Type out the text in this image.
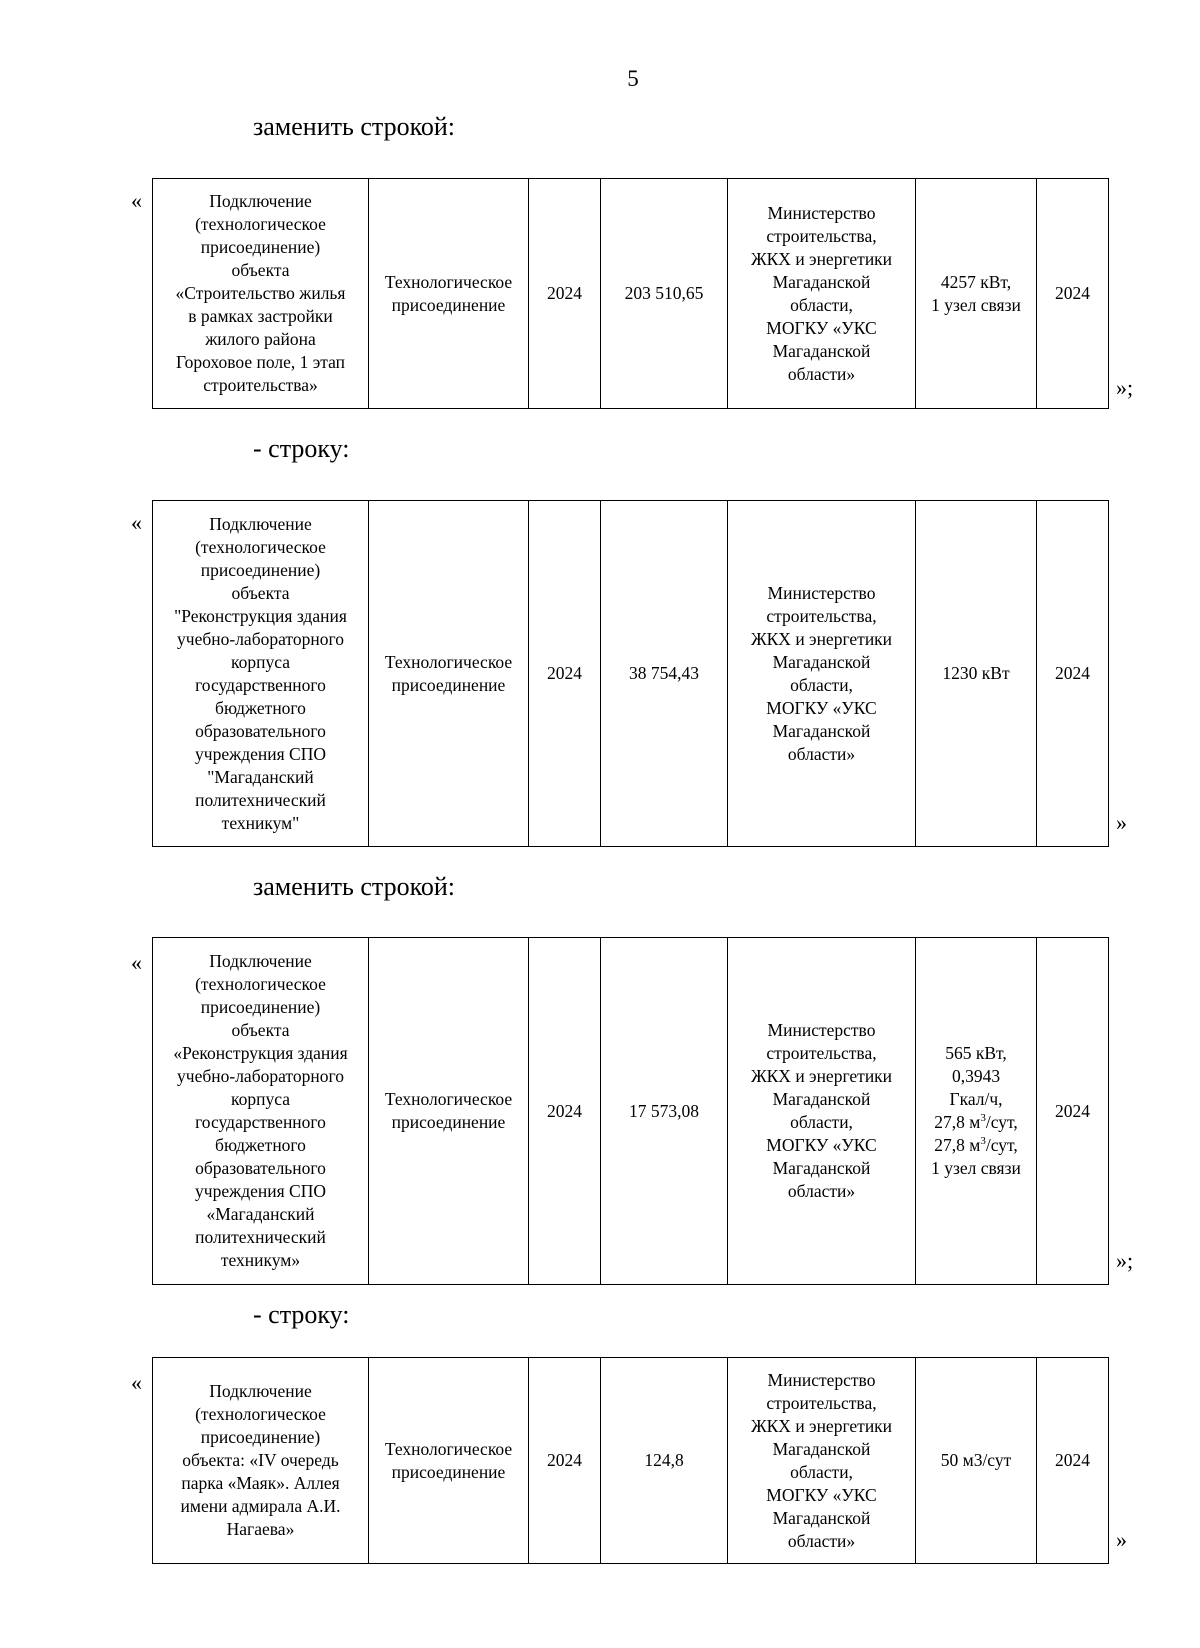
5
заменить строкой:
«	Подключение
(технологическое
присоединение)
объекта
«Строительство жилья
в рамках застройки
жилого района
Гороховое поле, 1 этап
строительства»	Технологическое
присоединение	2024	203 510,65	Министерство
строительства,
ЖКХ и энергетики
Магаданской
области,
МОГКУ «УКС
Магаданской
области»	4257 кВт,
1 узел связи	2024
»;
- строку:
«	Подключение
(технологическое
присоединение)
объекта
"Реконструкция здания
учебно-лабораторного
корпуса
государственного
бюджетного
образовательного
учреждения СПО
"Магаданский
политехнический
техникум"	Технологическое
присоединение	2024	38 754,43	Министерство
строительства,
ЖКХ и энергетики
Магаданской
области,
МОГКУ «УКС
Магаданской
области»	1230 кВт	2024
»
заменить строкой:
«	Подключение
(технологическое
присоединение)
объекта
«Реконструкция здания
учебно-лабораторного
корпуса
государственного
бюджетного
образовательного
учреждения СПО
«Магаданский
политехнический
техникум»	Технологическое
присоединение	2024	17 573,08	Министерство
строительства,
ЖКХ и энергетики
Магаданской
области,
МОГКУ «УКС
Магаданской
области»	565 кВт,
0,3943
Гкал/ч,
27,8 $м^3$/сут,
27,8 $м^3$/сут,
1 узел связи	2024
»;
- строку:
«	Подключение
(технологическое
присоединение)
объекта: «IV очередь
парка «Маяк». Аллея
имени адмирала А.И.
Нагаева»	Технологическое
присоединение	2024	124,8	Министерство
строительства,
ЖКХ и энергетики
Магаданской
области,
МОГКУ «УКС
Магаданской
области»	50 м3/сут	2024
»
